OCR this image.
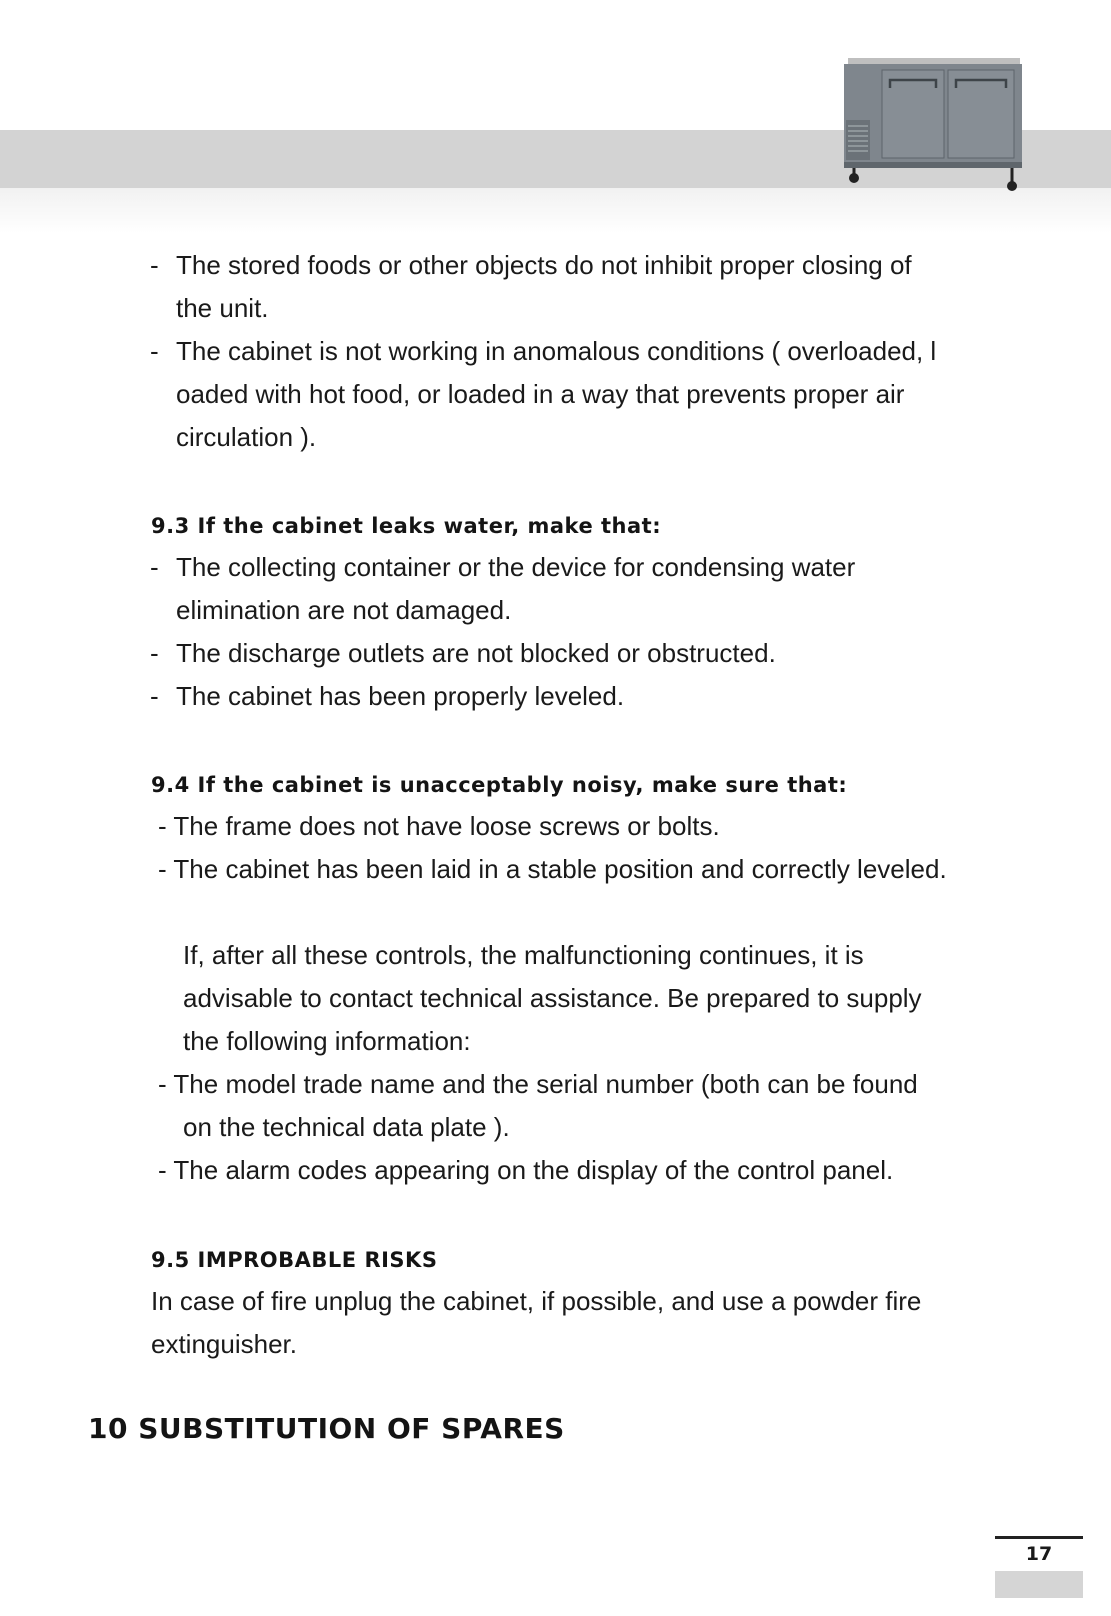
- The stored foods or other objects do not inhibit proper closing of
the unit.
- The cabinet is not working in anomalous conditions ( overloaded, l
oaded with hot food, or loaded in a way that prevents proper air
circulation ).
9.3 If the cabinet leaks water, make that:
- The collecting container or the device for condensing water
elimination are not damaged.
- The discharge outlets are not blocked or obstructed.
- The cabinet has been properly leveled.
9.4 If the cabinet is unacceptably noisy, make sure that:
- The frame does not have loose screws or bolts.
- The cabinet has been laid in a stable position and correctly leveled.
If, after all these controls, the malfunctioning continues, it is
advisable to contact technical assistance. Be prepared to supply
the following information:
- The model trade name and the serial number (both can be found
on the technical data plate ).
- The alarm codes appearing on the display of the control panel.
9.5 IMPROBABLE RISKS
In case of fire unplug the cabinet, if possible, and use a powder fire
extinguisher.
10 SUBSTITUTION OF SPARES
17
